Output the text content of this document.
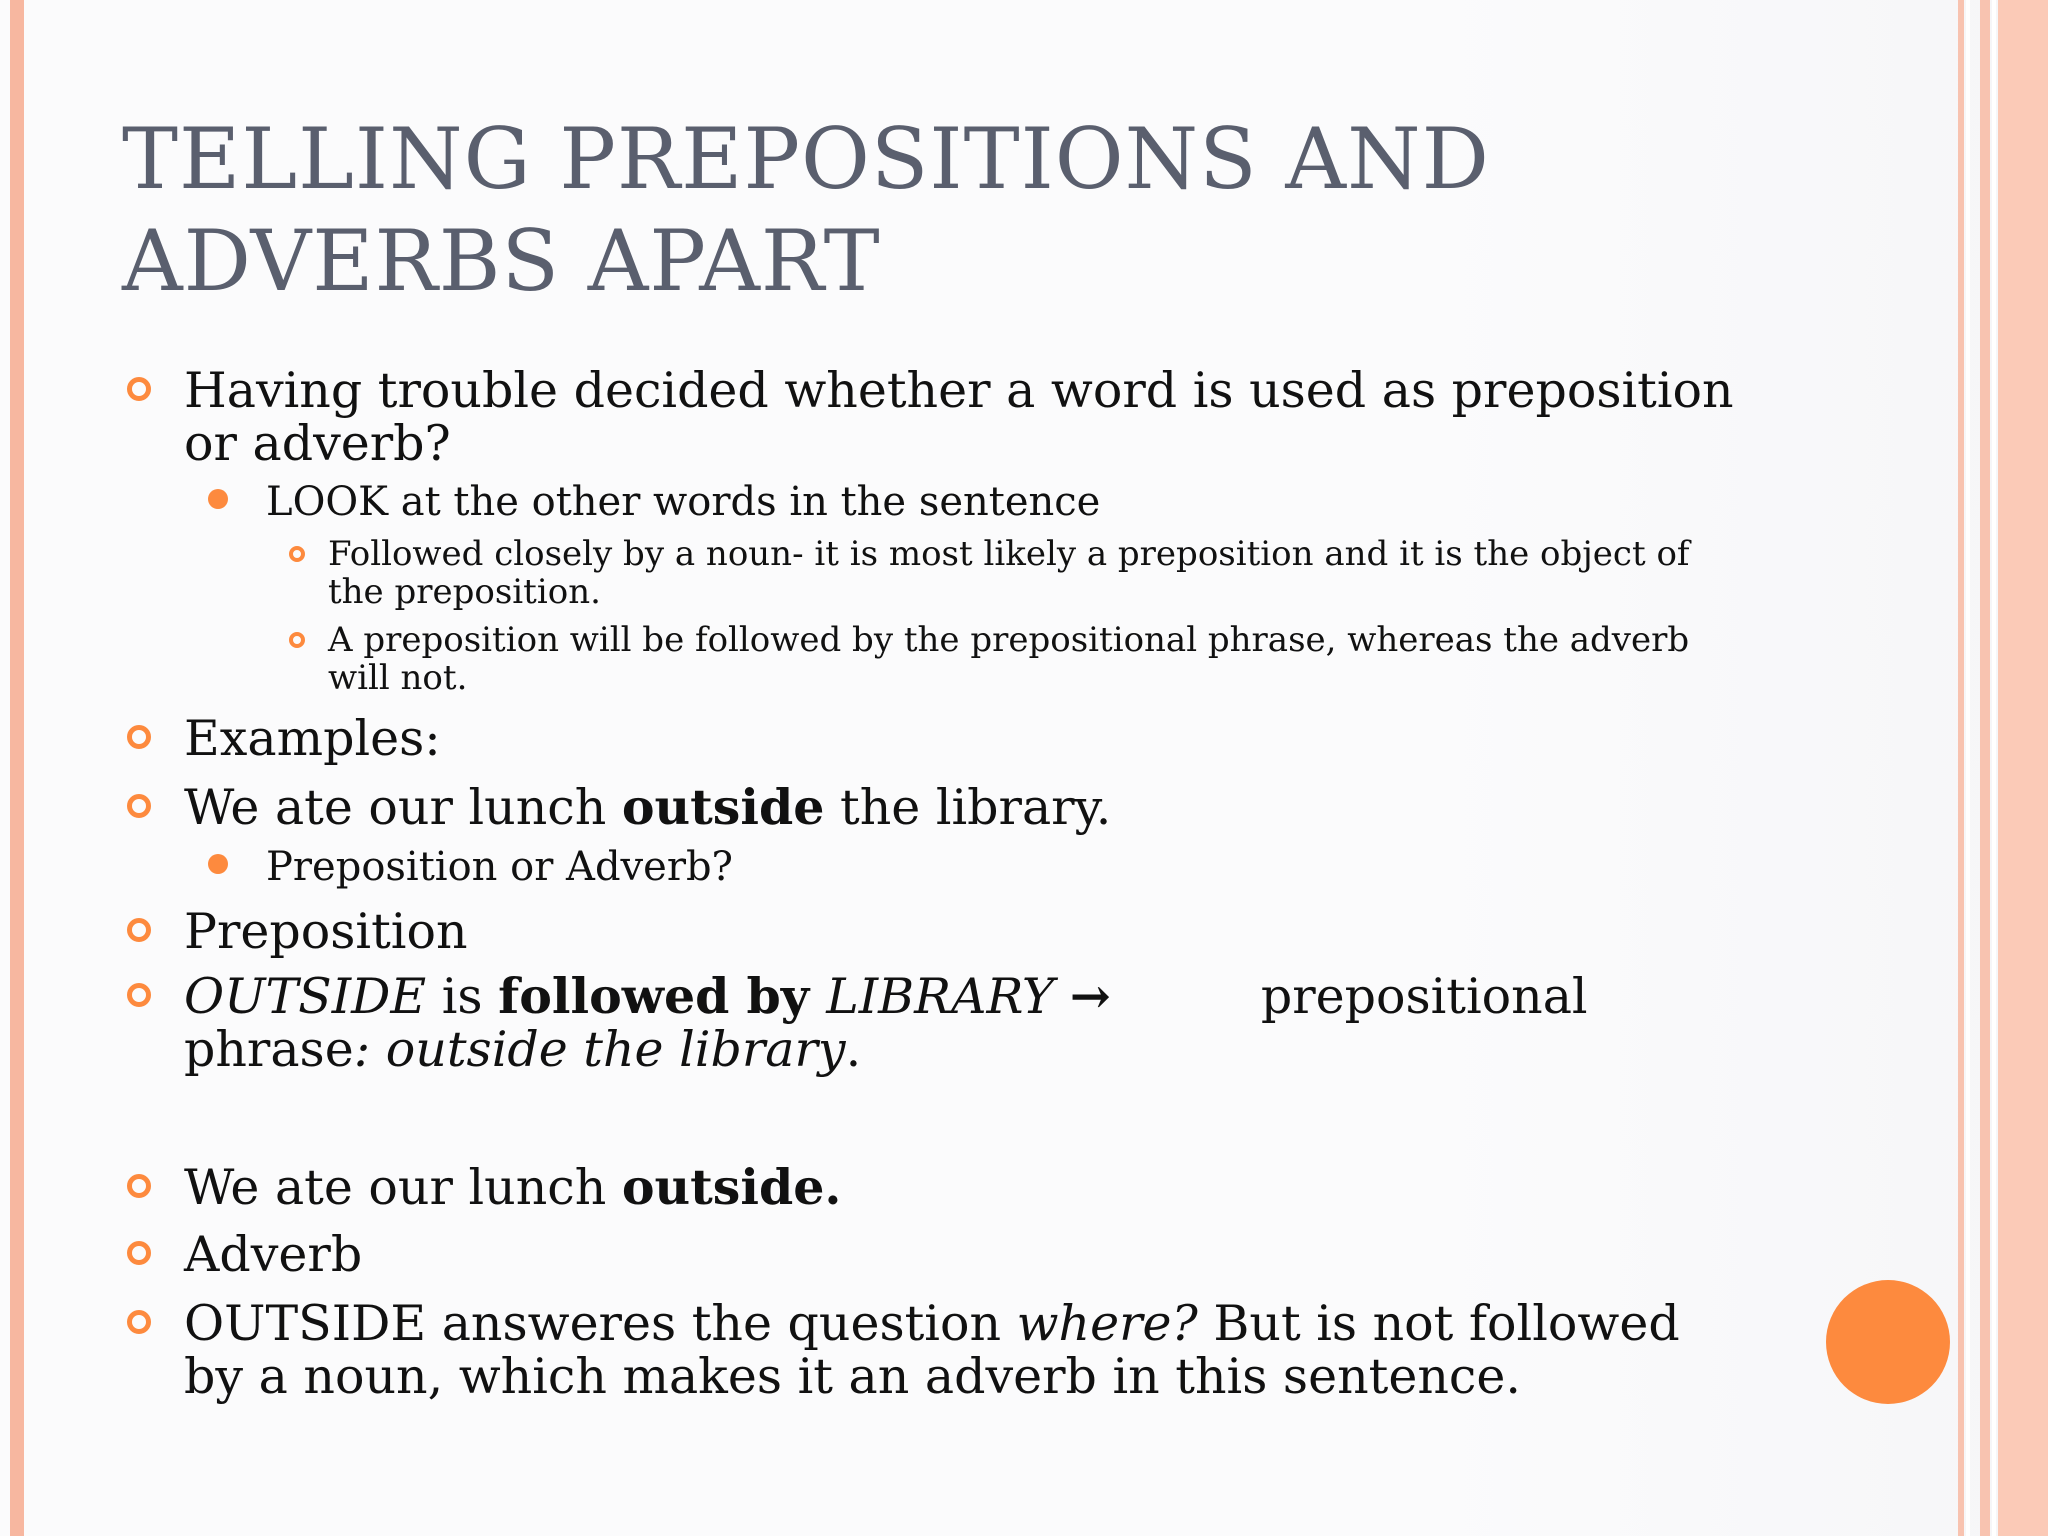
TELLING PREPOSITIONS AND ADVERBS APART
Having trouble decided whether a word is used as preposition or adverb?
LOOK at the other words in the sentence
Followed closely by a noun- it is most likely a preposition and it is the object of the preposition.
A preposition will be followed by the prepositional phrase, whereas the adverb will not.
Examples:
We ate our lunch outside the library.
Preposition or Adverb?
Preposition
OUTSIDE is followed by LIBRARY →	prepositional phrase: outside the library.
We ate our lunch outside.
Adverb
OUTSIDE answeres the question where? But is not followed by a noun, which makes it an adverb in this sentence.
